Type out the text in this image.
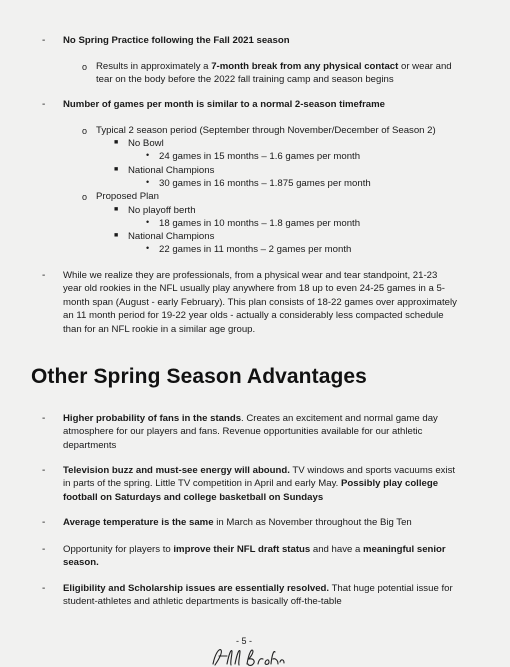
- No Spring Practice following the Fall 2021 season
o Results in approximately a 7-month break from any physical contact or wear and tear on the body before the 2022 fall training camp and season begins
- Number of games per month is similar to a normal 2-season timeframe
o Typical 2 season period (September through November/December of Season 2)
■ No Bowl
• 24 games in 15 months – 1.6 games per month
■ National Champions
• 30 games in 16 months – 1.875 games per month
o Proposed Plan
■ No playoff berth
• 18 games in 10 months – 1.8 games per month
■ National Champions
• 22 games in 11 months – 2 games per month
- While we realize they are professionals, from a physical wear and tear standpoint, 21-23 year old rookies in the NFL usually play anywhere from 18 up to even 24-25 games in a 5-month span (August - early February). This plan consists of 18-22 games over approximately an 11 month period for 19-22 year olds - actually a considerably less compacted schedule than for an NFL rookie in a similar age group.
Other Spring Season Advantages
- Higher probability of fans in the stands. Creates an excitement and normal game day atmosphere for our players and fans. Revenue opportunities available for our athletic departments
- Television buzz and must-see energy will abound. TV windows and sports vacuums exist in parts of the spring. Little TV competition in April and early May. Possibly play college football on Saturdays and college basketball on Sundays
- Average temperature is the same in March as November throughout the Big Ten
- Opportunity for players to improve their NFL draft status and have a meaningful senior season.
- Eligibility and Scholarship issues are essentially resolved. That huge potential issue for student-athletes and athletic departments is basically off-the-table
- 5 -
